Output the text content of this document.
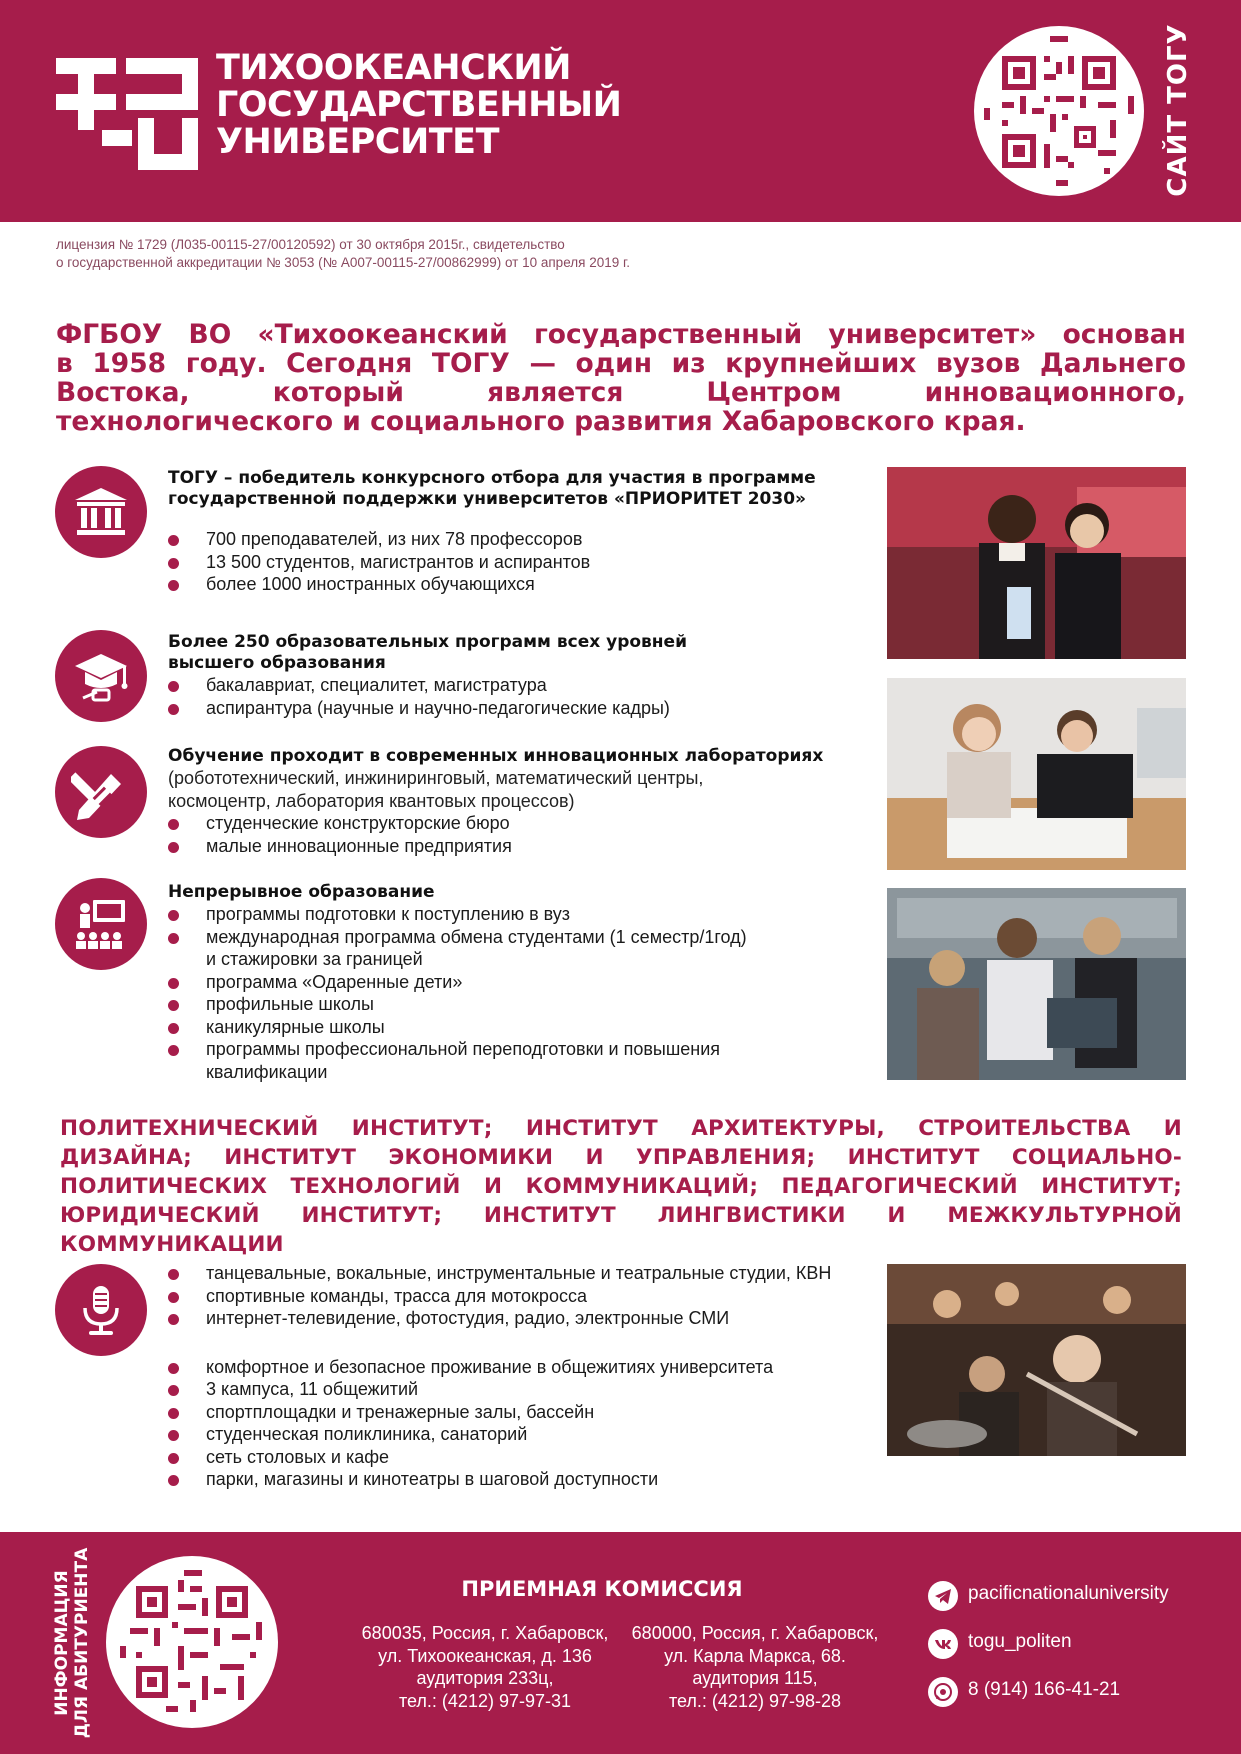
ТИХООКЕАНСКИЙ
ГОСУДАРСТВЕННЫЙ
УНИВЕРСИТЕТ	САЙТ ТОГУ
лицензия № 1729 (Л035-00115-27/00120592) от 30 октября 2015г., свидетельство
о государственной аккредитации № 3053 (№ А007-00115-27/00862999) от 10 апреля 2019 г.
ФГБОУ ВО «Тихоокеанский государственный университет» основан
в 1958 году. Сегодня ТОГУ — один из крупнейших вузов Дальнего
Востока, который является Центром инновационного,
технологического и социального развития Хабаровского края.
ТОГУ – победитель конкурсного отбора для участия в программе
государственной поддержки университетов «ПРИОРИТЕТ 2030»
700 преподавателей, из них 78 профессоров
13 500 студентов, магистрантов и аспирантов
более 1000 иностранных обучающихся
Более 250 образовательных программ всех уровней
высшего образования
бакалавриат, специалитет, магистратура
аспирантура (научные и научно-педагогические кадры)
Обучение проходит в современных инновационных лабораториях
(робототехнический, инжиниринговый, математический центры,
космоцентр, лаборатория квантовых процессов)
студенческие конструкторские бюро
малые инновационные предприятия
Непрерывное образование
программы подготовки к поступлению в вуз
международная программа обмена студентами (1 семестр/1год)
и стажировки за границей
программа «Одаренные дети»
профильные школы
каникулярные школы
программы профессиональной переподготовки и повышения
квалификации
ПОЛИТЕХНИЧЕСКИЙ ИНСТИТУТ; ИНСТИТУТ АРХИТЕКТУРЫ, СТРОИТЕЛЬСТВА И ДИЗАЙНА; ИНСТИТУТ ЭКОНОМИКИ И УПРАВЛЕНИЯ; ИНСТИТУТ СОЦИАЛЬНО-ПОЛИТИЧЕСКИХ ТЕХНОЛОГИЙ И КОММУНИКАЦИЙ; ПЕДАГОГИЧЕСКИЙ ИНСТИТУТ; ЮРИДИЧЕСКИЙ ИНСТИТУТ; ИНСТИТУТ ЛИНГВИСТИКИ И МЕЖКУЛЬТУРНОЙ КОММУНИКАЦИИ
танцевальные, вокальные, инструментальные и театральные студии, КВН
спортивные команды, трасса для мотокросса
интернет-телевидение, фотостудия, радио, электронные СМИ
комфортное и безопасное проживание в общежитиях университета
3 кампуса, 11 общежитий
спортплощадки и тренажерные залы, бассейн
студенческая поликлиника, санаторий
сеть столовых и кафе
парки, магазины и кинотеатры в шаговой доступности
ИНФОРМАЦИЯ
ДЛЯ АБИТУРИЕНТА	ПРИЕМНАЯ КОМИССИЯ
680035, Россия, г. Хабаровск,
ул. Тихоокеанская, д. 136
аудитория 233ц,
тел.: (4212) 97-97-31
680000, Россия, г. Хабаровск,
ул. Карла Маркса, 68.
аудитория 115,
тел.: (4212) 97-98-28
pacificnationaluniversity
togu_politen
8 (914) 166-41-21
